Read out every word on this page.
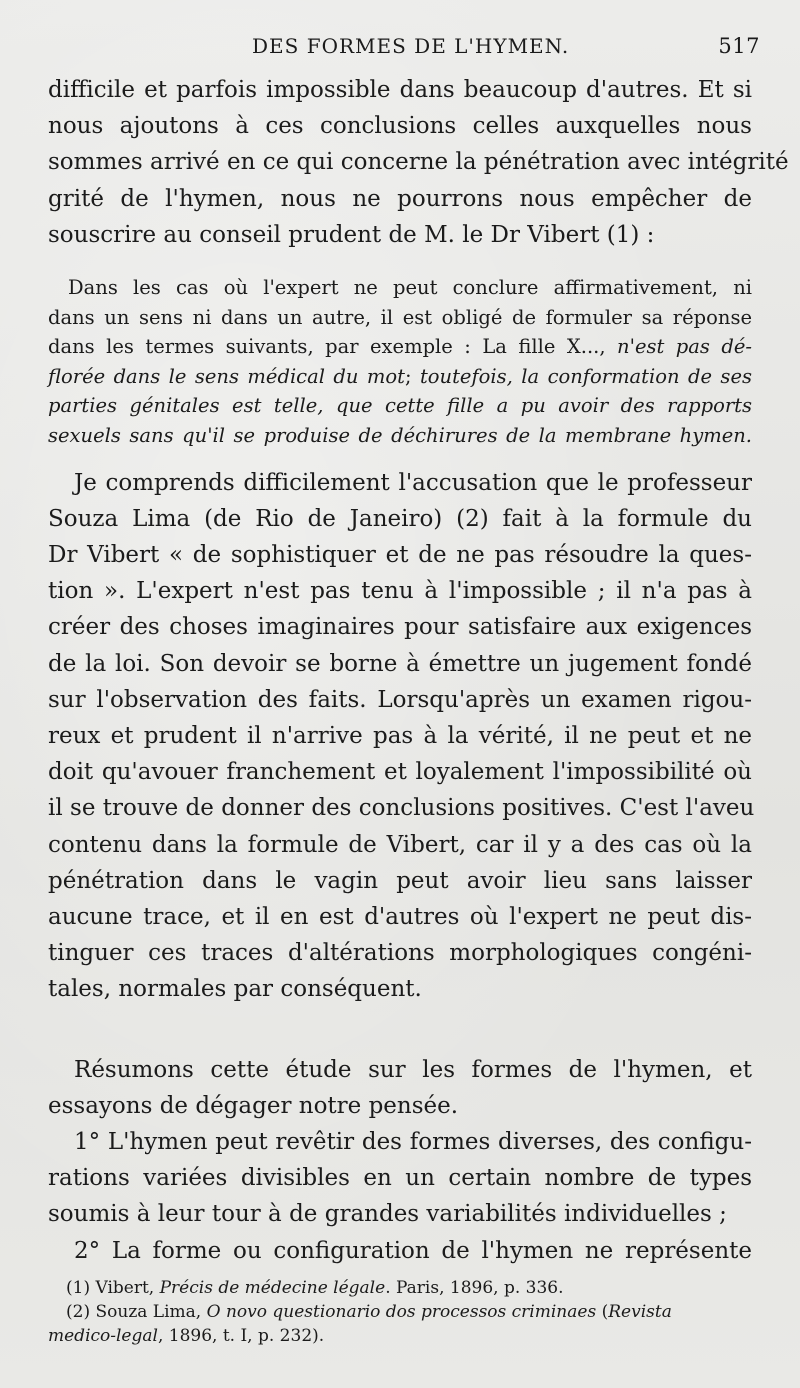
DES FORMES DE L'HYMEN.	517

difficile et parfois impossible dans beaucoup d'autres. Et si
nous ajoutons à ces conclusions celles auxquelles nous
sommes arrivé en ce qui concerne la pénétration avec intégrité
grité de l'hymen, nous ne pourrons nous empêcher de
souscrire au conseil prudent de M. le Dr Vibert (1) :

Dans les cas où l'expert ne peut conclure affirmativement, ni
dans un sens ni dans un autre, il est obligé de formuler sa réponse
dans les termes suivants, par exemple : La fille X..., n'est pas dé-
florée dans le sens médical du mot; toutefois, la conformation de ses
parties génitales est telle, que cette fille a pu avoir des rapports
sexuels sans qu'il se produise de déchirures de la membrane hymen.

Je comprends difficilement l'accusation que le professeur
Souza Lima (de Rio de Janeiro) (2) fait à la formule du
Dr Vibert « de sophistiquer et de ne pas résoudre la ques-
tion ». L'expert n'est pas tenu à l'impossible ; il n'a pas à
créer des choses imaginaires pour satisfaire aux exigences
de la loi. Son devoir se borne à émettre un jugement fondé
sur l'observation des faits. Lorsqu'après un examen rigou-
reux et prudent il n'arrive pas à la vérité, il ne peut et ne
doit qu'avouer franchement et loyalement l'impossibilité où
il se trouve de donner des conclusions positives. C'est l'aveu
contenu dans la formule de Vibert, car il y a des cas où la
pénétration dans le vagin peut avoir lieu sans laisser
aucune trace, et il en est d'autres où l'expert ne peut dis-
tinguer ces traces d'altérations morphologiques congéni-
tales, normales par conséquent.

Résumons cette étude sur les formes de l'hymen, et
essayons de dégager notre pensée.

1° L'hymen peut revêtir des formes diverses, des configu-
rations variées divisibles en un certain nombre de types
soumis à leur tour à de grandes variabilités individuelles ;

2° La forme ou configuration de l'hymen ne représente

(1) Vibert, Précis de médecine légale. Paris, 1896, p. 336.
(2) Souza Lima, O novo questionario dos processos criminaes (Revista
medico-legal, 1896, t. I, p. 232).
